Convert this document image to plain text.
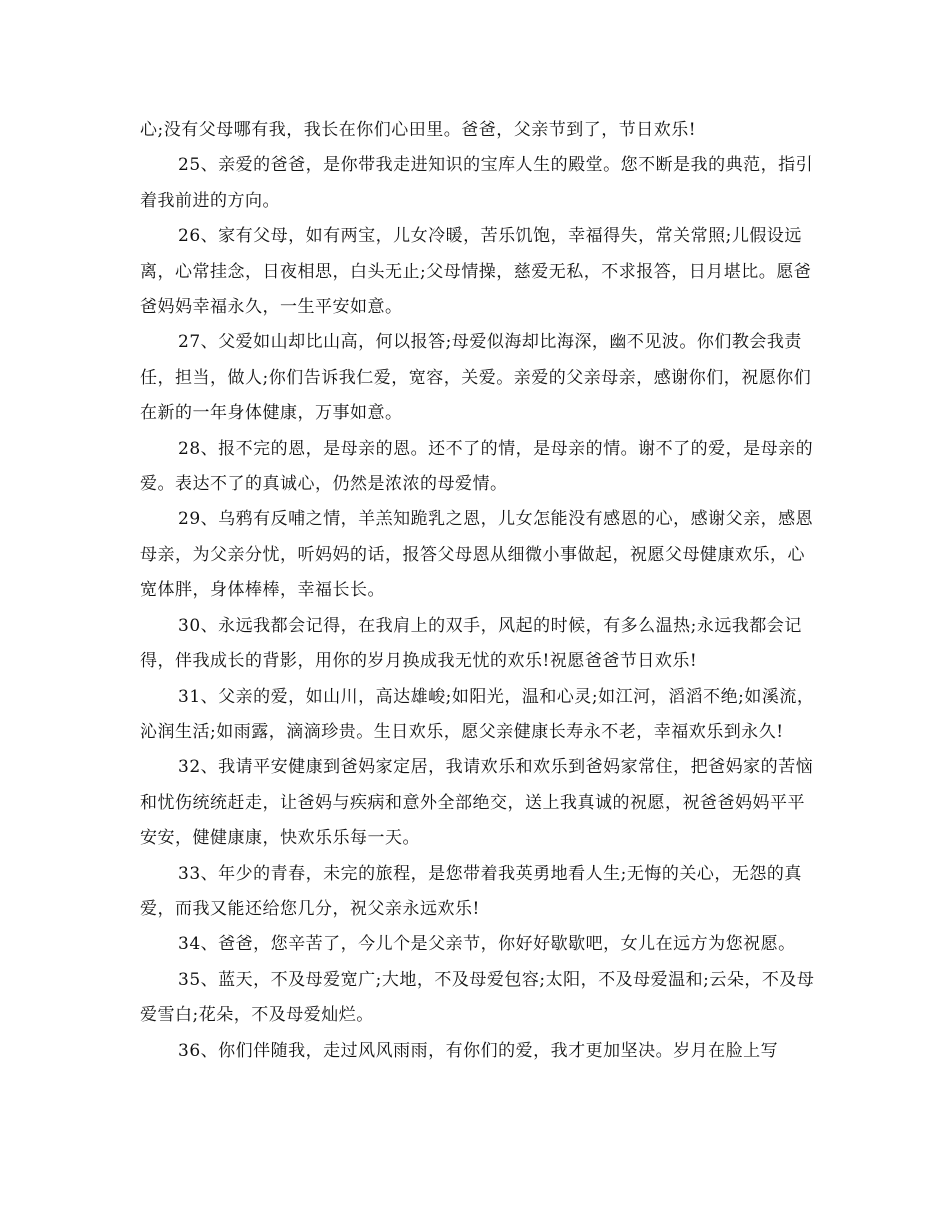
心;没有父母哪有我，我长在你们心田里。爸爸，父亲节到了，节日欢乐!

25、亲爱的爸爸，是你带我走进知识的宝库人生的殿堂。您不断是我的典范，指引着我前进的方向。

26、家有父母，如有两宝，儿女冷暖，苦乐饥饱，幸福得失，常关常照;儿假设远离，心常挂念，日夜相思，白头无止;父母情操，慈爱无私，不求报答，日月堪比。愿爸爸妈妈幸福永久，一生平安如意。

27、父爱如山却比山高，何以报答;母爱似海却比海深，幽不见波。你们教会我责任，担当，做人;你们告诉我仁爱，宽容，关爱。亲爱的父亲母亲，感谢你们，祝愿你们在新的一年身体健康，万事如意。

28、报不完的恩，是母亲的恩。还不了的情，是母亲的情。谢不了的爱，是母亲的爱。表达不了的真诚心，仍然是浓浓的母爱情。

29、乌鸦有反哺之情，羊羔知跪乳之恩，儿女怎能没有感恩的心，感谢父亲，感恩母亲，为父亲分忧，听妈妈的话，报答父母恩从细微小事做起，祝愿父母健康欢乐，心宽体胖，身体棒棒，幸福长长。

30、永远我都会记得，在我肩上的双手，风起的时候，有多么温热;永远我都会记得，伴我成长的背影，用你的岁月换成我无忧的欢乐!祝愿爸爸节日欢乐!

31、父亲的爱，如山川，高达雄峻;如阳光，温和心灵;如江河，滔滔不绝;如溪流，沁润生活;如雨露，滴滴珍贵。生日欢乐，愿父亲健康长寿永不老，幸福欢乐到永久!

32、我请平安健康到爸妈家定居，我请欢乐和欢乐到爸妈家常住，把爸妈家的苦恼和忧伤统统赶走，让爸妈与疾病和意外全部绝交，送上我真诚的祝愿，祝爸爸妈妈平平安安，健健康康，快欢乐乐每一天。

33、年少的青春，未完的旅程，是您带着我英勇地看人生;无悔的关心，无怨的真爱，而我又能还给您几分，祝父亲永远欢乐!

34、爸爸，您辛苦了，今儿个是父亲节，你好好歇歇吧，女儿在远方为您祝愿。

35、蓝天，不及母爱宽广;大地，不及母爱包容;太阳，不及母爱温和;云朵，不及母爱雪白;花朵，不及母爱灿烂。

36、你们伴随我，走过风风雨雨，有你们的爱，我才更加坚决。岁月在脸上写
